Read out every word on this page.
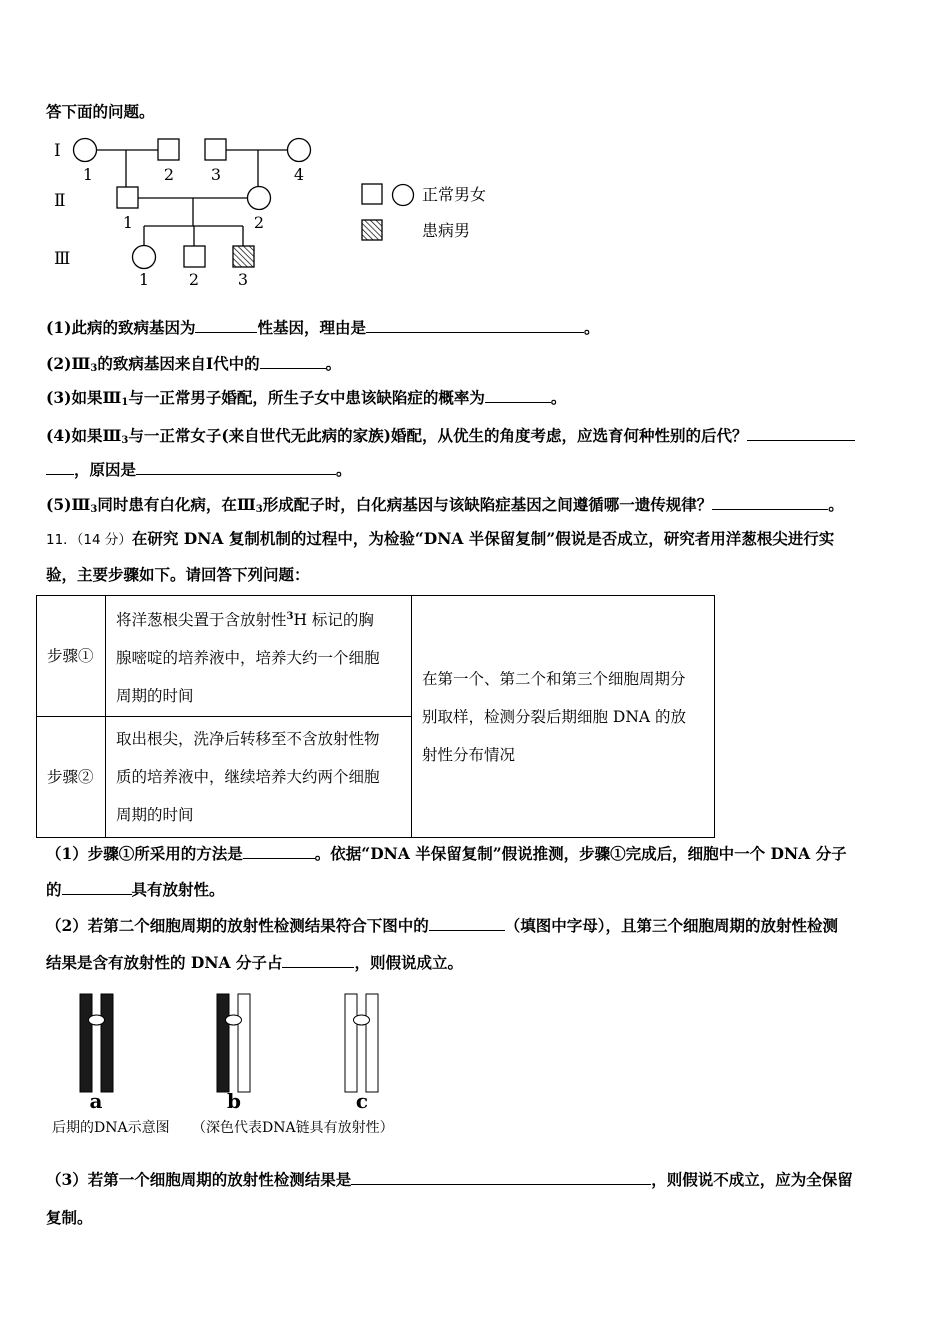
答下面的问题。
Ⅰ
Ⅱ
Ⅲ
1	2 3	4
1	2
1 2 3
正常男女
患病男
(1)此病的致病基因为	性基因，理由是	。
$(2)Ⅲ_3$的致病基因来自Ⅰ代中的	。
(3)如果$Ⅲ_1$与一正常男子婚配，所生子女中患该缺陷症的概率为	。
(4)如果$Ⅲ_3$与一正常女子(来自世代无此病的家族)婚配，从优生的角度考虑，应选育何种性别的后代？
，原因是	。
$(5)Ⅲ_3$同时患有白化病，在$Ⅲ_3$形成配子时，白化病基因与该缺陷症基因之间遵循哪一遗传规律？	。
11．（14 分）在研究 DNA 复制机制的过程中，为检验“DNA 半保留复制”假说是否成立，研究者用洋葱根尖进行实
验，主要步骤如下。请回答下列问题：
步骤①	将洋葱根尖置于含放射性$^3$H 标记的胸
腺嘧啶的培养液中，培养大约一个细胞
周期的时间	在第一个、第二个和第三个细胞周期分
别取样，检测分裂后期细胞 DNA 的放
射性分布情况
步骤②	取出根尖，洗净后转移至不含放射性物
质的培养液中，继续培养大约两个细胞
周期的时间	
（1）步骤①所采用的方法是	。依据“DNA 半保留复制”假说推测，步骤①完成后，细胞中一个 DNA 分子
的	具有放射性。
（2）若第二个细胞周期的放射性检测结果符合下图中的	（填图中字母），且第三个细胞周期的放射性检测
结果是含有放射性的 DNA 分子占	，则假说成立。
a	b	c
后期的DNA示意图 （深色代表DNA链具有放射性）
（3）若第一个细胞周期的放射性检测结果是	，则假说不成立，应为全保留
复制。
